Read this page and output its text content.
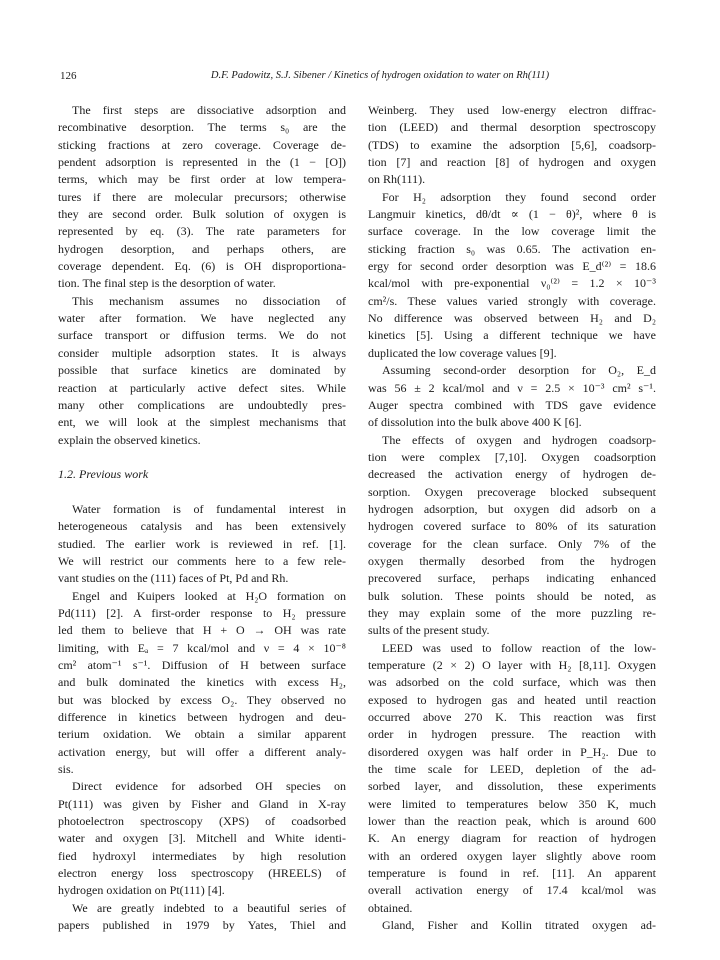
126	D.F. Padowitz, S.J. Sibener / Kinetics of hydrogen oxidation to water on Rh(111)
The first steps are dissociative adsorption and
recombinative desorption. The terms s₀ are the
sticking fractions at zero coverage. Coverage de-
pendent adsorption is represented in the (1 − [O])
terms, which may be first order at low tempera-
tures if there are molecular precursors; otherwise
they are second order. Bulk solution of oxygen is
represented by eq. (3). The rate parameters for
hydrogen desorption, and perhaps others, are
coverage dependent. Eq. (6) is OH disproportiona-
tion. The final step is the desorption of water.
This mechanism assumes no dissociation of
water after formation. We have neglected any
surface transport or diffusion terms. We do not
consider multiple adsorption states. It is always
possible that surface kinetics are dominated by
reaction at particularly active defect sites. While
many other complications are undoubtedly pres-
ent, we will look at the simplest mechanisms that
explain the observed kinetics.
1.2. Previous work
Water formation is of fundamental interest in
heterogeneous catalysis and has been extensively
studied. The earlier work is reviewed in ref. [1].
We will restrict our comments here to a few rele-
vant studies on the (111) faces of Pt, Pd and Rh.
Engel and Kuipers looked at H₂O formation on
Pd(111) [2]. A first-order response to H₂ pressure
led them to believe that H + O → OH was rate
limiting, with Eₐ = 7 kcal/mol and ν = 4 × 10⁻⁸
cm² atom⁻¹ s⁻¹. Diffusion of H between surface
and bulk dominated the kinetics with excess H₂,
but was blocked by excess O₂. They observed no
difference in kinetics between hydrogen and deu-
terium oxidation. We obtain a similar apparent
activation energy, but will offer a different analy-
sis.
Direct evidence for adsorbed OH species on
Pt(111) was given by Fisher and Gland in X-ray
photoelectron spectroscopy (XPS) of coadsorbed
water and oxygen [3]. Mitchell and White identi-
fied hydroxyl intermediates by high resolution
electron energy loss spectroscopy (HREELS) of
hydrogen oxidation on Pt(111) [4].
We are greatly indebted to a beautiful series of
papers published in 1979 by Yates, Thiel and
Weinberg. They used low-energy electron diffrac-
tion (LEED) and thermal desorption spectroscopy
(TDS) to examine the adsorption [5,6], coadsorp-
tion [7] and reaction [8] of hydrogen and oxygen
on Rh(111).
For H₂ adsorption they found second order
Langmuir kinetics, dθ/dt ∝ (1 − θ)², where θ is
surface coverage. In the low coverage limit the
sticking fraction s₀ was 0.65. The activation en-
ergy for second order desorption was E_d⁽²⁾ = 18.6
kcal/mol with pre-exponential ν₀⁽²⁾ = 1.2 × 10⁻³
cm²/s. These values varied strongly with coverage.
No difference was observed between H₂ and D₂
kinetics [5]. Using a different technique we have
duplicated the low coverage values [9].
Assuming second-order desorption for O₂, E_d
was 56 ± 2 kcal/mol and ν = 2.5 × 10⁻³ cm² s⁻¹.
Auger spectra combined with TDS gave evidence
of dissolution into the bulk above 400 K [6].
The effects of oxygen and hydrogen coadsorp-
tion were complex [7,10]. Oxygen coadsorption
decreased the activation energy of hydrogen de-
sorption. Oxygen precoverage blocked subsequent
hydrogen adsorption, but oxygen did adsorb on a
hydrogen covered surface to 80% of its saturation
coverage for the clean surface. Only 7% of the
oxygen thermally desorbed from the hydrogen
precovered surface, perhaps indicating enhanced
bulk solution. These points should be noted, as
they may explain some of the more puzzling re-
sults of the present study.
LEED was used to follow reaction of the low-
temperature (2 × 2) O layer with H₂ [8,11]. Oxygen
was adsorbed on the cold surface, which was then
exposed to hydrogen gas and heated until reaction
occurred above 270 K. This reaction was first
order in hydrogen pressure. The reaction with
disordered oxygen was half order in P_H₂. Due to
the time scale for LEED, depletion of the ad-
sorbed layer, and dissolution, these experiments
were limited to temperatures below 350 K, much
lower than the reaction peak, which is around 600
K. An energy diagram for reaction of hydrogen
with an ordered oxygen layer slightly above room
temperature is found in ref. [11]. An apparent
overall activation energy of 17.4 kcal/mol was
obtained.
Gland, Fisher and Kollin titrated oxygen ad-
